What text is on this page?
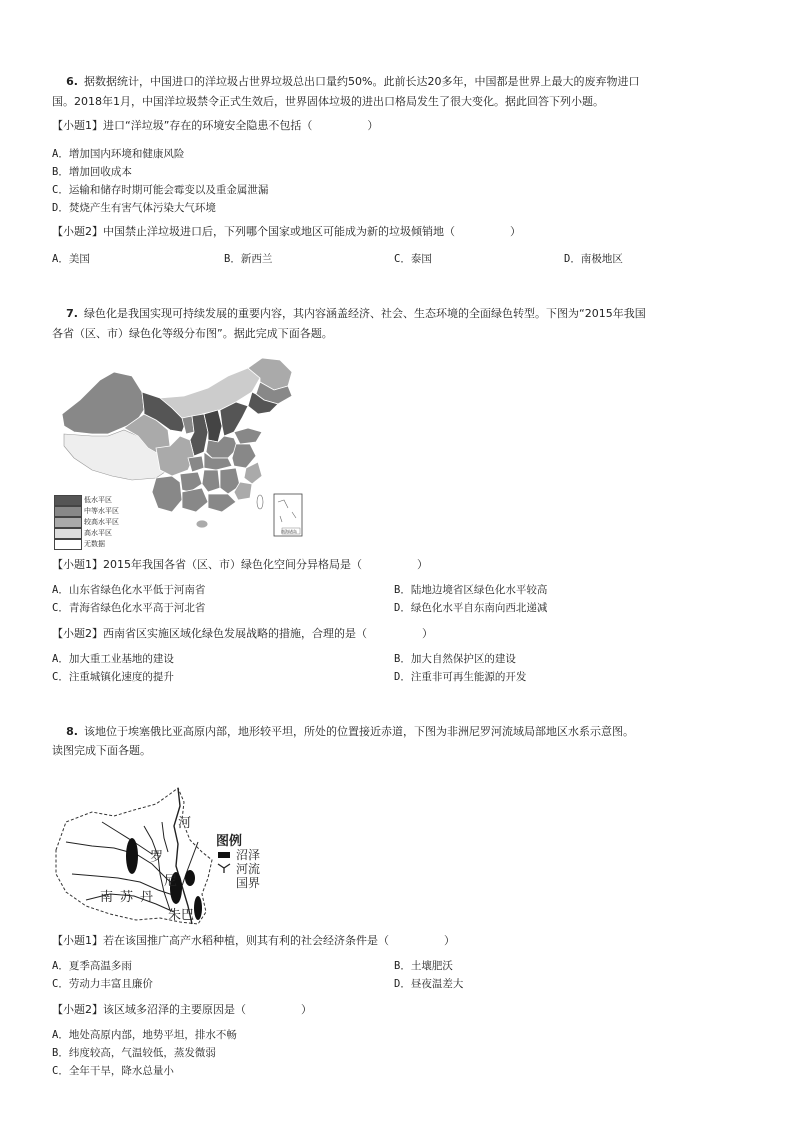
6. 据数据统计，中国进口的洋垃圾占世界垃圾总出口量约50%。此前长达20多年，中国都是世界上最大的废弃物进口
国。2018年1月，中国洋垃圾禁令正式生效后，世界固体垃圾的进出口格局发生了很大变化。据此回答下列小题。
【小题1】进口“洋垃圾”存在的环境安全隐患不包括（　　　　　）
A．增加国内环境和健康风险
B．增加回收成本
C．运输和储存时期可能会霉变以及重金属泄漏
D．焚烧产生有害气体污染大气环境
【小题2】中国禁止洋垃圾进口后，下列哪个国家或地区可能成为新的垃圾倾销地（　　　　　）
A．美国	B．新西兰	C．泰国	D．南极地区
7. 绿色化是我国实现可持续发展的重要内容，其内容涵盖经济、社会、生态环境的全面绿色转型。下图为“2015年我国
各省（区、市）绿色化等级分布图”。据此完成下面各题。
南海诸岛
低水平区
中等水平区
较高水平区
高水平区
无数据
【小题1】2015年我国各省（区、市）绿色化空间分异格局是（　　　　　）
A．山东省绿色化水平低于河南省	B．陆地边境省区绿色化水平较高
C．青海省绿色化水平高于河北省	D．绿色化水平自东南向西北递减
【小题2】西南省区实施区域化绿色发展战略的措施，合理的是（　　　　　）
A．加大重工业基地的建设	B．加大自然保护区的建设
C．注重城镇化速度的提升	D．注重非可再生能源的开发
8. 该地位于埃塞俄比亚高原内部，地形较平坦，所处的位置接近赤道，下图为非洲尼罗河流域局部地区水系示意图。
读图完成下面各题。
河
罗
尼
南 苏 丹
朱巴
图例
沼泽
河流
国界
【小题1】若在该国推广高产水稻种植，则其有利的社会经济条件是（　　　　　）
A．夏季高温多雨	B．土壤肥沃
C．劳动力丰富且廉价	D．昼夜温差大
【小题2】该区域多沼泽的主要原因是（　　　　　）
A．地处高原内部，地势平坦，排水不畅
B．纬度较高，气温较低，蒸发微弱
C．全年干旱，降水总量小
